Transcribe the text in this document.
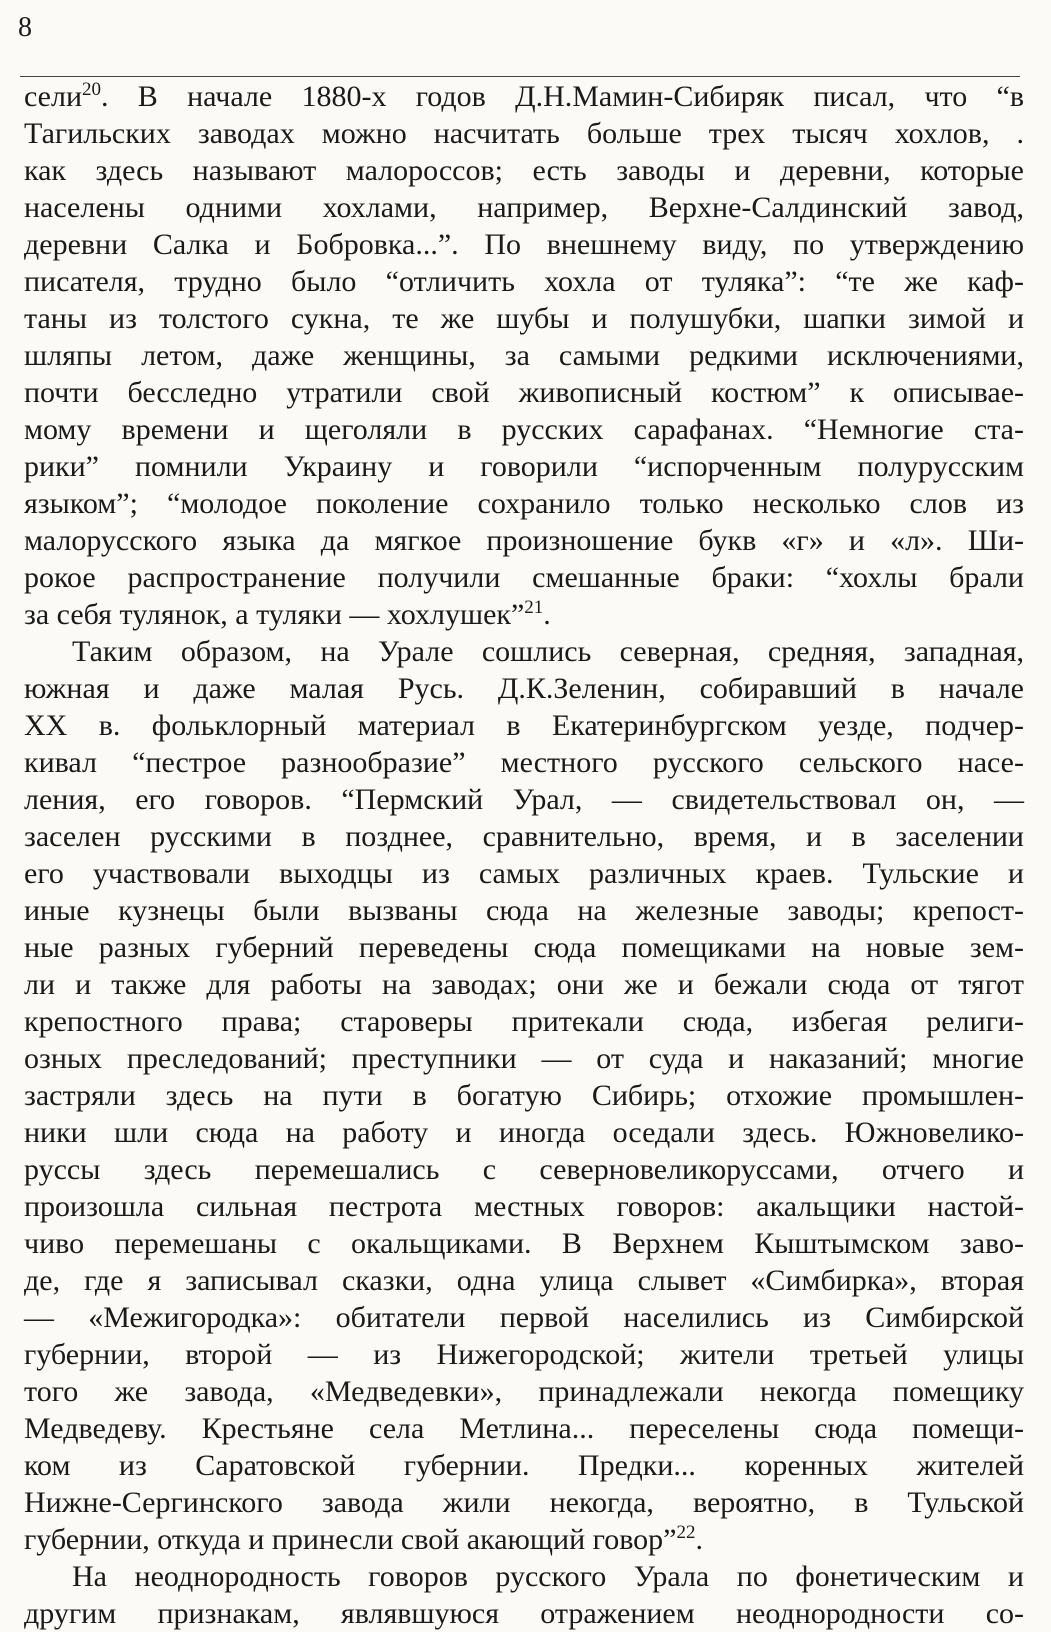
8
сели$^{20}$. В начале 1880-х годов Д.Н.Мамин-Сибиряк писал, что “в
Тагильских заводах можно насчитать больше трех тысяч хохлов, .
как здесь называют малороссов; есть заводы и деревни, которые
населены одними хохлами, например, Верхне-Салдинский завод,
деревни Салка и Бобровка...”. По внешнему виду, по утверждению
писателя, трудно было “отличить хохла от туляка”: “те же каф-
таны из толстого сукна, те же шубы и полушубки, шапки зимой и
шляпы летом, даже женщины, за самыми редкими исключениями,
почти бесследно утратили свой живописный костюм” к описывае-
мому времени и щеголяли в русских сарафанах. “Немногие ста-
рики” помнили Украину и говорили “испорченным полурусским
языком”; “молодое поколение сохранило только несколько слов из
малорусского языка да мягкое произношение букв «г» и «л». Ши-
рокое распространение получили смешанные браки: “хохлы брали
за себя тулянок, а туляки — хохлушек”$^{21}$.
Таким образом, на Урале сошлись северная, средняя, западная,
южная и даже малая Русь. Д.К.Зеленин, собиравший в начале
XX в. фольклорный материал в Екатеринбургском уезде, подчер-
кивал “пестрое разнообразие” местного русского сельского насе-
ления, его говоров. “Пермский Урал, — свидетельствовал он, —
заселен русскими в позднее, сравнительно, время, и в заселении
его участвовали выходцы из самых различных краев. Тульские и
иные кузнецы были вызваны сюда на железные заводы; крепост-
ные разных губерний переведены сюда помещиками на новые зем-
ли и также для работы на заводах; они же и бежали сюда от тягот
крепостного права; староверы притекали сюда, избегая религи-
озных преследований; преступники — от суда и наказаний; многие
застряли здесь на пути в богатую Сибирь; отхожие промышлен-
ники шли сюда на работу и иногда оседали здесь. Южновелико-
руссы здесь перемешались с северновеликоруссами, отчего и
произошла сильная пестрота местных говоров: акальщики настой-
чиво перемешаны с окальщиками. В Верхнем Кыштымском заво-
де, где я записывал сказки, одна улица слывет «Симбирка», вторая
— «Межигородка»: обитатели первой населились из Симбирской
губернии, второй — из Нижегородской; жители третьей улицы
того же завода, «Медведевки», принадлежали некогда помещику
Медведеву. Крестьяне села Метлина... переселены сюда помещи-
ком из Саратовской губернии. Предки... коренных жителей
Нижне-Сергинского завода жили некогда, вероятно, в Тульской
губернии, откуда и принесли свой акающий говор”$^{22}$.
На неоднородность говоров русского Урала по фонетическим и
другим признакам, являвшуюся отражением неоднородности со-
